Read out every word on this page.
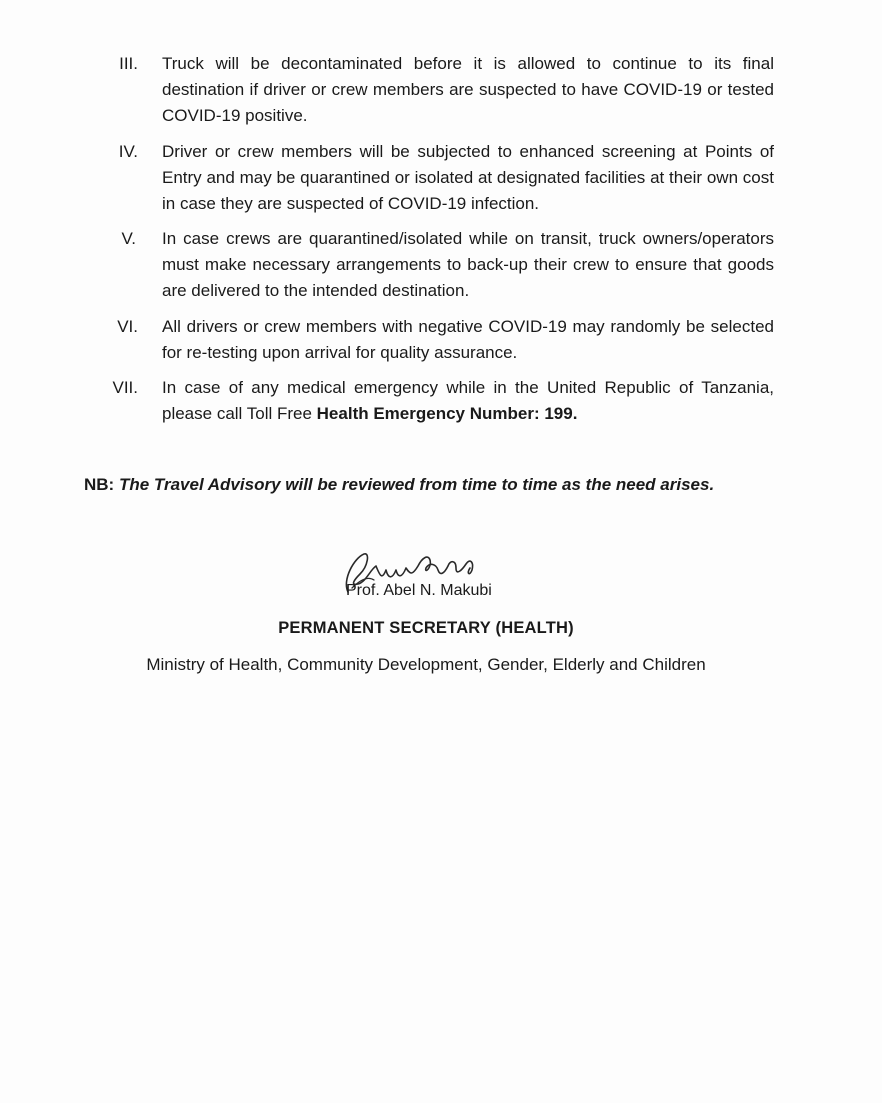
III. Truck will be decontaminated before it is allowed to continue to its final destination if driver or crew members are suspected to have COVID-19 or tested COVID-19 positive.
IV. Driver or crew members will be subjected to enhanced screening at Points of Entry and may be quarantined or isolated at designated facilities at their own cost in case they are suspected of COVID-19 infection.
V. In case crews are quarantined/isolated while on transit, truck owners/operators must make necessary arrangements to back-up their crew to ensure that goods are delivered to the intended destination.
VI. All drivers or crew members with negative COVID-19 may randomly be selected for re-testing upon arrival for quality assurance.
VII. In case of any medical emergency while in the United Republic of Tanzania, please call Toll Free Health Emergency Number: 199.
NB: The Travel Advisory will be reviewed from time to time as the need arises.
Prof. Abel N. Makubi
PERMANENT SECRETARY (HEALTH)
Ministry of Health, Community Development, Gender, Elderly and Children
